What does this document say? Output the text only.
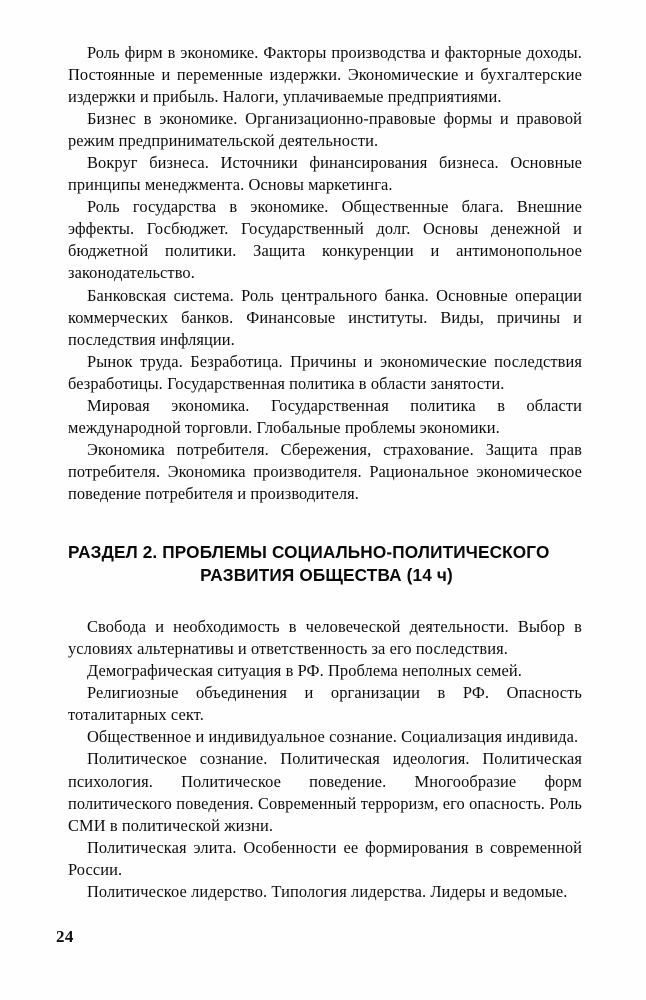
Роль фирм в экономике. Факторы производства и факторные доходы. Постоянные и переменные издержки. Экономические и бухгалтерские издержки и прибыль. Налоги, уплачиваемые предприятиями.

Бизнес в экономике. Организационно-правовые формы и правовой режим предпринимательской деятельности.

Вокруг бизнеса. Источники финансирования бизнеса. Основные принципы менеджмента. Основы маркетинга.

Роль государства в экономике. Общественные блага. Внешние эффекты. Госбюджет. Государственный долг. Основы денежной и бюджетной политики. Защита конкуренции и антимонопольное законодательство.

Банковская система. Роль центрального банка. Основные операции коммерческих банков. Финансовые институты. Виды, причины и последствия инфляции.

Рынок труда. Безработица. Причины и экономические последствия безработицы. Государственная политика в области занятости.

Мировая экономика. Государственная политика в области международной торговли. Глобальные проблемы экономики.

Экономика потребителя. Сбережения, страхование. Защита прав потребителя. Экономика производителя. Рациональное экономическое поведение потребителя и производителя.

РАЗДЕЛ 2. ПРОБЛЕМЫ СОЦИАЛЬНО-ПОЛИТИЧЕСКОГО
РАЗВИТИЯ ОБЩЕСТВА (14 ч)

Свобода и необходимость в человеческой деятельности. Выбор в условиях альтернативы и ответственность за его последствия.

Демографическая ситуация в РФ. Проблема неполных семей.

Религиозные объединения и организации в РФ. Опасность тоталитарных сект.

Общественное и индивидуальное сознание. Социализация индивида.

Политическое сознание. Политическая идеология. Политическая психология. Политическое поведение. Многообразие форм политического поведения. Современный терроризм, его опасность. Роль СМИ в политической жизни.

Политическая элита. Особенности ее формирования в современной России.

Политическое лидерство. Типология лидерства. Лидеры и ведомые.

24
